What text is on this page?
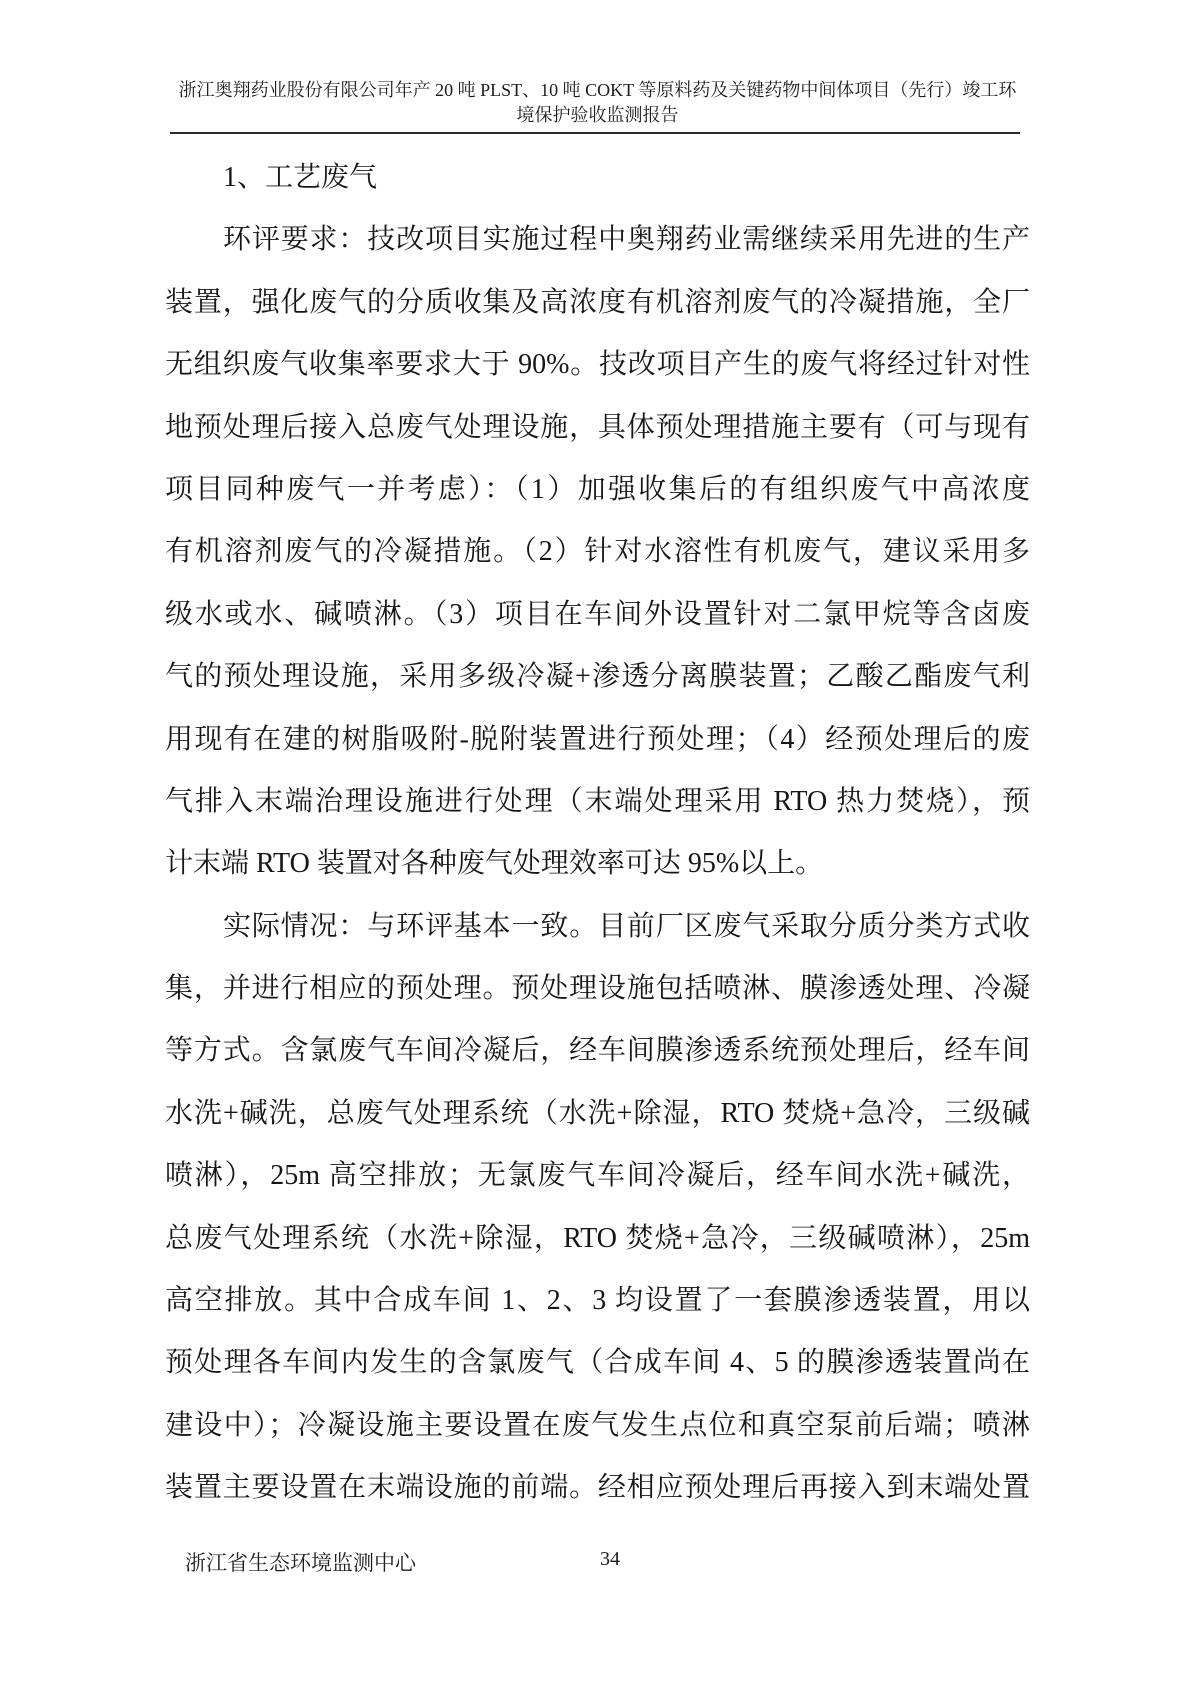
浙江奥翔药业股份有限公司年产 20 吨 PLST、10 吨 COKT 等原料药及关键药物中间体项目（先行）竣工环
境保护验收监测报告
1、工艺废气
环评要求：技改项目实施过程中奥翔药业需继续采用先进的生产
装置，强化废气的分质收集及高浓度有机溶剂废气的冷凝措施，全厂
无组织废气收集率要求大于 90%。技改项目产生的废气将经过针对性
地预处理后接入总废气处理设施，具体预处理措施主要有（可与现有
项目同种废气一并考虑）：（1）加强收集后的有组织废气中高浓度
有机溶剂废气的冷凝措施。（2）针对水溶性有机废气，建议采用多
级水或水、碱喷淋。（3）项目在车间外设置针对二氯甲烷等含卤废
气的预处理设施，采用多级冷凝+渗透分离膜装置；乙酸乙酯废气利
用现有在建的树脂吸附-脱附装置进行预处理；（4）经预处理后的废
气排入末端治理设施进行处理（末端处理采用 RTO 热力焚烧），预
计末端 RTO 装置对各种废气处理效率可达 95%以上。
实际情况：与环评基本一致。目前厂区废气采取分质分类方式收
集，并进行相应的预处理。预处理设施包括喷淋、膜渗透处理、冷凝
等方式。含氯废气车间冷凝后，经车间膜渗透系统预处理后，经车间
水洗+碱洗，总废气处理系统（水洗+除湿，RTO 焚烧+急冷，三级碱
喷淋），25m 高空排放；无氯废气车间冷凝后，经车间水洗+碱洗，
总废气处理系统（水洗+除湿，RTO 焚烧+急冷，三级碱喷淋），25m
高空排放。其中合成车间 1、2、3 均设置了一套膜渗透装置，用以
预处理各车间内发生的含氯废气（合成车间 4、5 的膜渗透装置尚在
建设中）；冷凝设施主要设置在废气发生点位和真空泵前后端；喷淋
装置主要设置在末端设施的前端。经相应预处理后再接入到末端处置
浙江省生态环境监测中心	34
